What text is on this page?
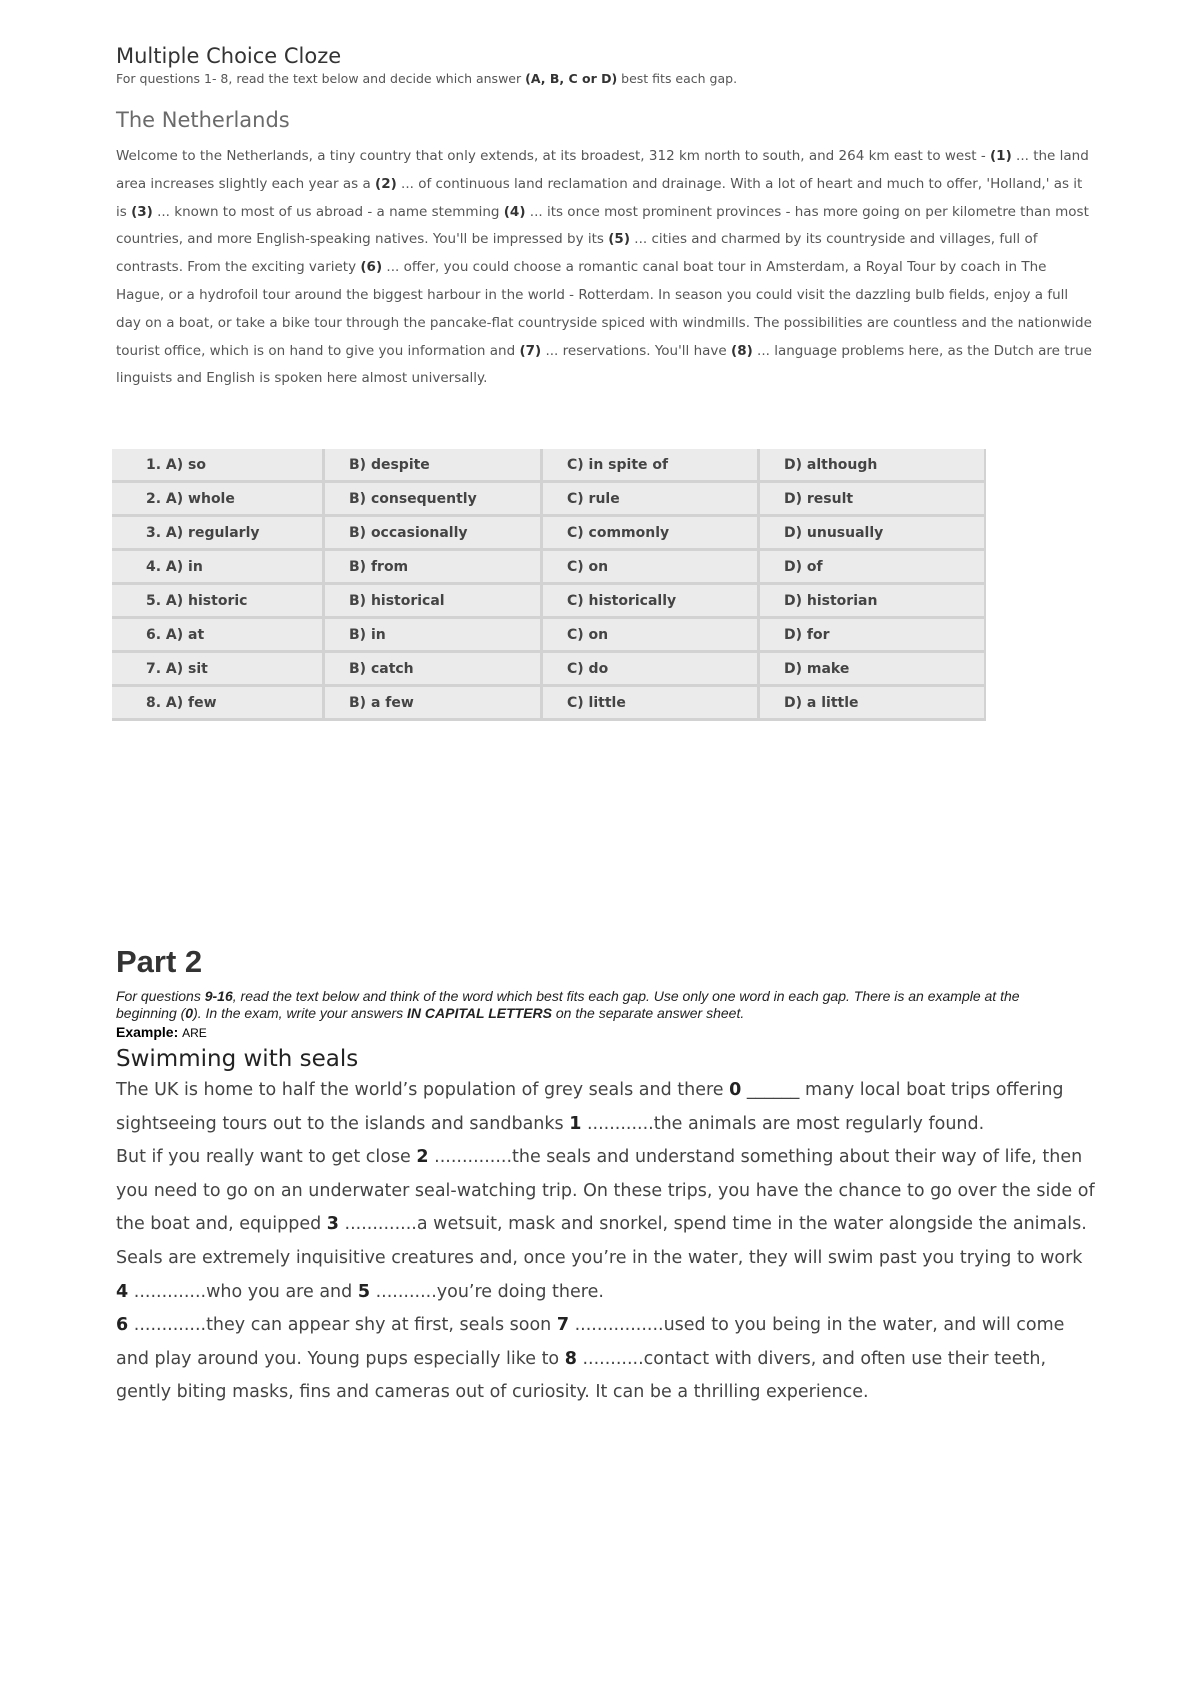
Multiple Choice Cloze
For questions 1- 8, read the text below and decide which answer (A, B, C or D) best fits each gap.
The Netherlands
Welcome to the Netherlands, a tiny country that only extends, at its broadest, 312 km north to south, and 264 km east to west - (1) ... the land area increases slightly each year as a (2) ... of continuous land reclamation and drainage. With a lot of heart and much to offer, 'Holland,' as it is (3) ... known to most of us abroad - a name stemming (4) ... its once most prominent provinces - has more going on per kilometre than most countries, and more English-speaking natives. You'll be impressed by its (5) ... cities and charmed by its countryside and villages, full of contrasts. From the exciting variety (6) ... offer, you could choose a romantic canal boat tour in Amsterdam, a Royal Tour by coach in The Hague, or a hydrofoil tour around the biggest harbour in the world - Rotterdam. In season you could visit the dazzling bulb fields, enjoy a full day on a boat, or take a bike tour through the pancake-flat countryside spiced with windmills. The possibilities are countless and the nationwide tourist office, which is on hand to give you information and (7) ... reservations. You'll have (8) ... language problems here, as the Dutch are true linguists and English is spoken here almost universally.
1. A) so	B) despite	C) in spite of	D) although
2. A) whole	B) consequently	C) rule	D) result
3. A) regularly	B) occasionally	C) commonly	D) unusually
4. A) in	B) from	C) on	D) of
5. A) historic	B) historical	C) historically	D) historian
6. A) at	B) in	C) on	D) for
7. A) sit	B) catch	C) do	D) make
8. A) few	B) a few	C) little	D) a little
Part 2
For questions 9-16, read the text below and think of the word which best fits each gap. Use only one word in each gap. There is an example at the beginning (0). In the exam, write your answers IN CAPITAL LETTERS on the separate answer sheet.
Example: ARE
Swimming with seals

The UK is home to half the world’s population of grey seals and there 0 ______ many local boat trips offering sightseeing tours out to the islands and sandbanks 1 ............the animals are most regularly found.

But if you really want to get close 2 ..............the seals and understand something about their way of life, then you need to go on an underwater seal-watching trip. On these trips, you have the chance to go over the side of the boat and, equipped 3 .............a wetsuit, mask and snorkel, spend time in the water alongside the animals.

Seals are extremely inquisitive creatures and, once you’re in the water, they will swim past you trying to work 4 .............who you are and 5 ...........you’re doing there.

6 .............they can appear shy at first, seals soon 7 ................used to you being in the water, and will come and play around you. Young pups especially like to 8 ...........contact with divers, and often use their teeth, gently biting masks, fins and cameras out of curiosity. It can be a thrilling experience.
